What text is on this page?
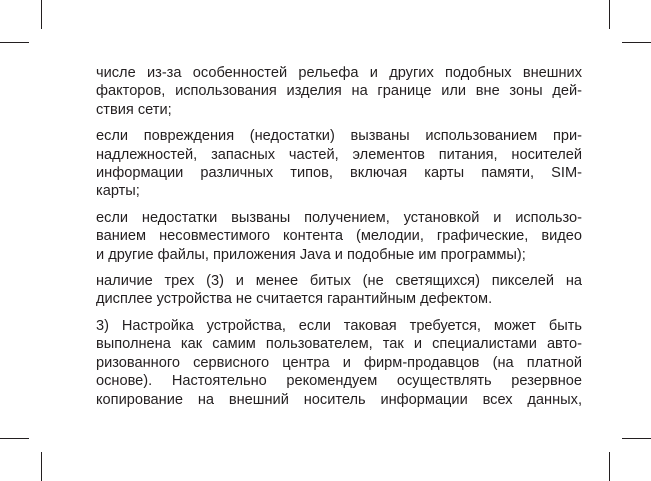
числе из-за особенностей рельефа и других подобных внешних
факторов, использования изделия на границе или вне зоны дей-
ствия сети;

если повреждения (недостатки) вызваны использованием при-
надлежностей, запасных частей, элементов питания, носителей
информации различных типов, включая карты памяти, SIM-
карты;

если недостатки вызваны получением, установкой и использо-
ванием несовместимого контента (мелодии, графические, видео
и другие файлы, приложения Java и подобные им программы);

наличие трех (3) и менее битых (не светящихся) пикселей на
дисплее устройства не считается гарантийным дефектом.

3) Настройка устройства, если таковая требуется, может быть
выполнена как самим пользователем, так и специалистами авто-
ризованного сервисного центра и фирм-продавцов (на платной
основе). Настоятельно рекомендуем осуществлять резервное
копирование на внешний носитель информации всех данных,
